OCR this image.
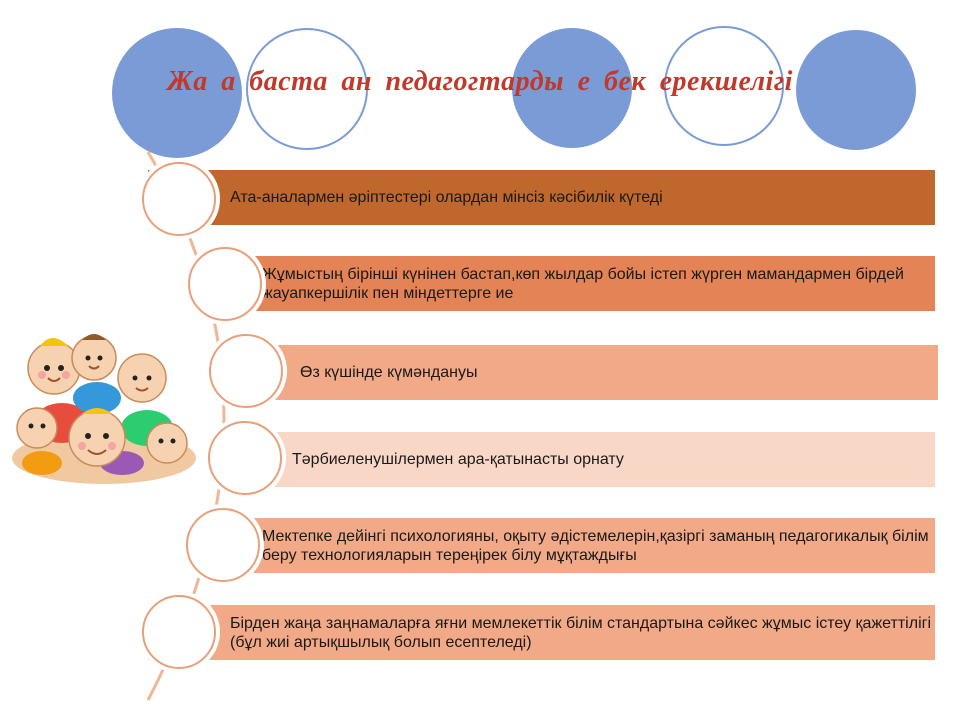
Жа а баста ан педагогтарды е бек ерекшелігі
Ата-аналармен әріптестері олардан мінсіз кәсібилік күтеді
Жұмыстың бірінші күнінен бастап,көп жылдар бойы істеп жүрген мамандармен бірдей жауапкершілік пен міндеттерге ие
Өз күшінде күмәндануы
Тәрбиеленушілермен ара-қатынасты орнату
Мектепке дейінгі психологияны, оқыту әдістемелерін,қазіргі заманың педагогикалық білім беру технологияларын тереңірек білу мұқтаждығы
Бірден жаңа заңнамаларға яғни мемлекеттік білім стандартына сәйкес жұмыс істеу қажеттілігі (бұл жиі артықшылық болып есептеледі)
